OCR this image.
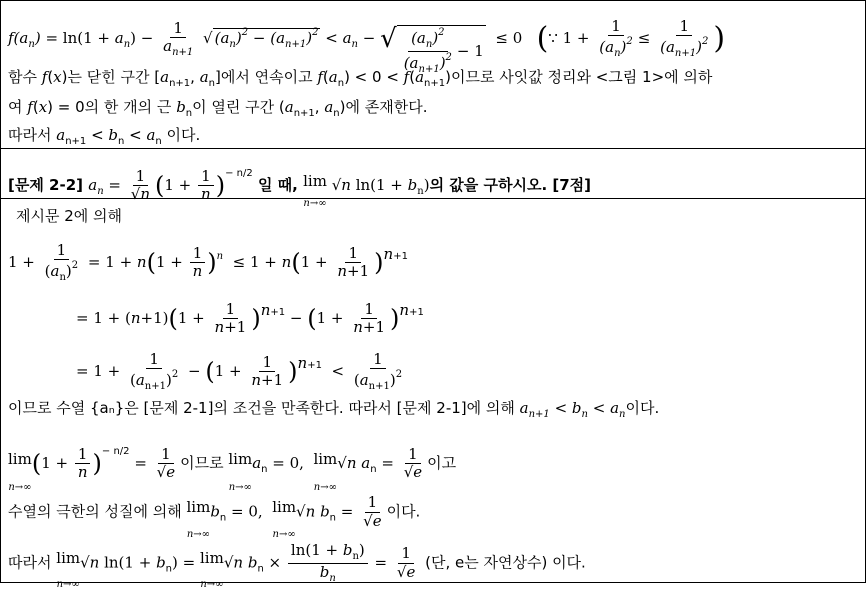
$f(a_n) = \ln(1 + a_n) - \frac{1}{a_{n+1}}$ √ $(a_n)^2 - (a_{n+1})^2 < a_n$ − √ $\frac{(a_n)^2}{(a_{n+1})^2} - 1$
≤ 0   (∵ $1 + \frac{1}{(a_n)^2} \le \frac{1}{(a_{n+1})^2}$ )
함수 f(x)는 닫힌 구간 [$a_{n+1}$, $a_n$]에서 연속이고 $f(a_n) < 0 < f(a_{n+1})$이므로 사잇값 정리와 <그림 1>에 의하
여 f(x) = 0의 한 개의 근 $b_n$이 열린 구간 ($a_{n+1}$, $a_n$)에 존재한다.
따라서 $a_{n+1} < b_n < a_n$ 이다.
[문제 2-2] $a_n = \frac{1}{√n} (1 + \frac{1}{n} )^{- n/2}$ 일 때, lim
n→∞
√n $\ln(1 + b_n)$의 값을 구하시오. [7점]
제시문 2에 의해
$1 + \frac{1}{(a_n)^2} = 1 + n(1 + \frac{1}{n} )^n \le 1 + n(1 + \frac{1}{n+1} )^{n+1}$
= $1 + (n+1)(1 + \frac{1}{n+1} )^{n+1} - (1 + \frac{1}{n+1} )^{n+1}$
= $1 + \frac{1}{(a_{n+1})^2} - (1 + \frac{1}{n+1} )^{n+1} < \frac{1}{(a_{n+1})^2}$
이므로 수열 {aₙ}은 [문제 2-1]의 조건을 만족한다. 따라서 [문제 2-1]에 의해 $a_{n+1} < b_n < a_n$이다.
lim
n→∞
$(1 + \frac{1}{n} )^{- n/2} = \frac{1}{√e}$ 이므로 lim
n→∞
$a_n = 0$, lim
n→∞
√n $a_n = \frac{1}{√e}$ 이고
수열의 극한의 성질에 의해 lim
n→∞
$b_n = 0$, lim
n→∞
√n $b_n = \frac{1}{√e}$ 이다.
따라서 lim
n→∞
√n $\ln(1 + b_n) = \lim$
n→∞
√n $b_n \times \frac{\ln(1 + b_n)}{b_n} = \frac{1}{√e}$ (단, e는 자연상수) 이다.
